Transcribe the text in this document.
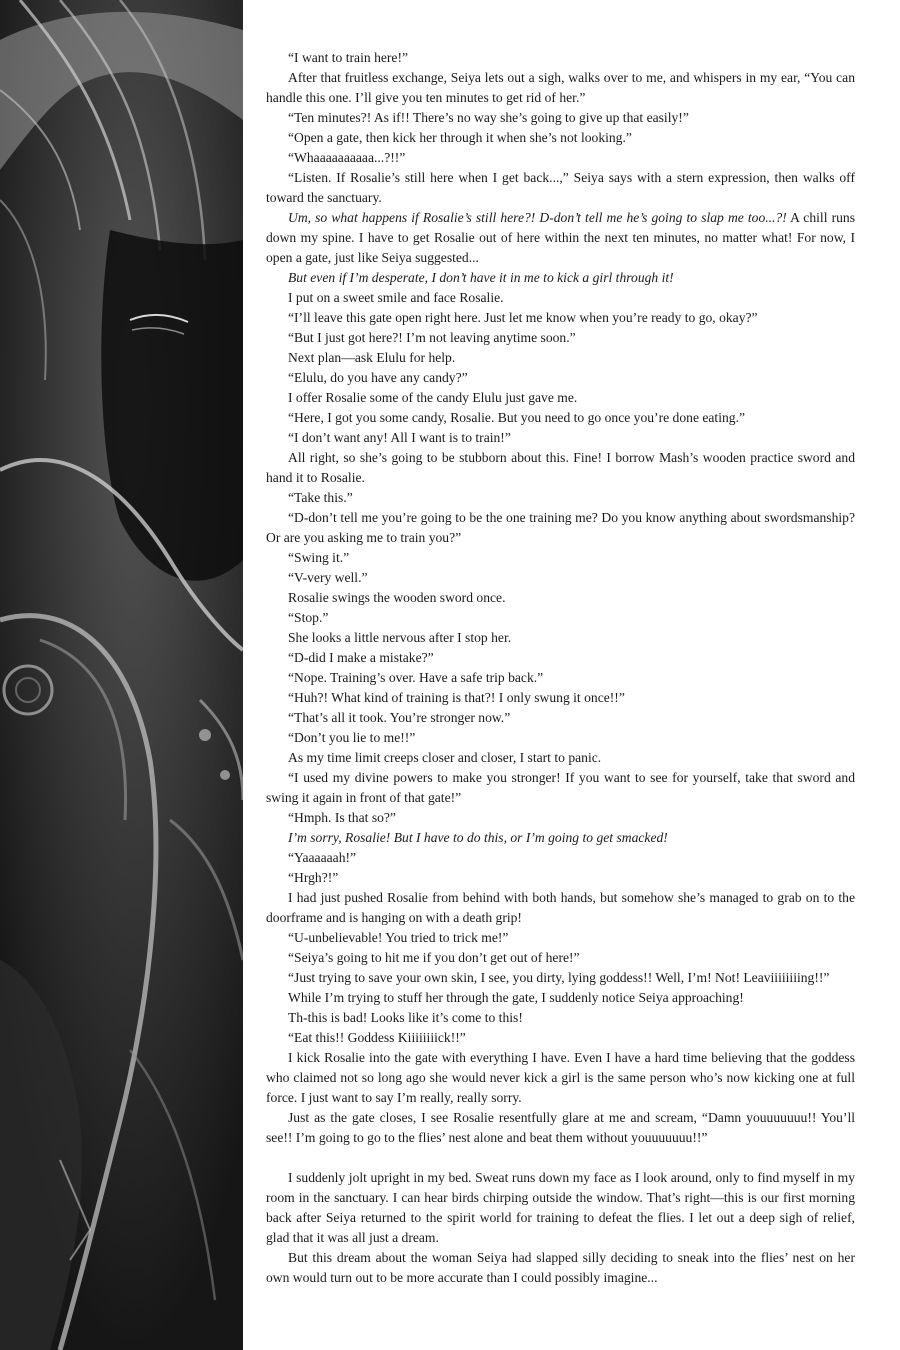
“I want to train here!”

After that fruitless exchange, Seiya lets out a sigh, walks over to me, and whispers in my ear, “You can handle this one. I’ll give you ten minutes to get rid of her.”

“Ten minutes?! As if!! There’s no way she’s going to give up that easily!”

“Open a gate, then kick her through it when she’s not looking.”

“Whaaaaaaaaaa...?!!”

“Listen. If Rosalie’s still here when I get back...,” Seiya says with a stern expression, then walks off toward the sanctuary.

Um, so what happens if Rosalie’s still here?! D-don’t tell me he’s going to slap me too...?! A chill runs down my spine. I have to get Rosalie out of here within the next ten minutes, no matter what! For now, I open a gate, just like Seiya suggested...

But even if I’m desperate, I don’t have it in me to kick a girl through it!

I put on a sweet smile and face Rosalie.

“I’ll leave this gate open right here. Just let me know when you’re ready to go, okay?”

“But I just got here?! I’m not leaving anytime soon.”

Next plan—ask Elulu for help.

“Elulu, do you have any candy?”

I offer Rosalie some of the candy Elulu just gave me.

“Here, I got you some candy, Rosalie. But you need to go once you’re done eating.”

“I don’t want any! All I want is to train!”

All right, so she’s going to be stubborn about this. Fine! I borrow Mash’s wooden practice sword and hand it to Rosalie.

“Take this.”

“D-don’t tell me you’re going to be the one training me? Do you know anything about swordsmanship? Or are you asking me to train you?”

“Swing it.”

“V-very well.”

Rosalie swings the wooden sword once.

“Stop.”

She looks a little nervous after I stop her.

“D-did I make a mistake?”

“Nope. Training’s over. Have a safe trip back.”

“Huh?! What kind of training is that?! I only swung it once!!”

“That’s all it took. You’re stronger now.”

“Don’t you lie to me!!”

As my time limit creeps closer and closer, I start to panic.

“I used my divine powers to make you stronger! If you want to see for yourself, take that sword and swing it again in front of that gate!”

“Hmph. Is that so?”

I’m sorry, Rosalie! But I have to do this, or I’m going to get smacked!

“Yaaaaaah!”

“Hrgh?!”

I had just pushed Rosalie from behind with both hands, but somehow she’s managed to grab on to the doorframe and is hanging on with a death grip!

“U-unbelievable! You tried to trick me!”

“Seiya’s going to hit me if you don’t get out of here!”

“Just trying to save your own skin, I see, you dirty, lying goddess!! Well, I’m! Not! Leaviiiiiiiing!!”

While I’m trying to stuff her through the gate, I suddenly notice Seiya approaching!

Th-this is bad! Looks like it’s come to this!

“Eat this!! Goddess Kiiiiiiiick!!”

I kick Rosalie into the gate with everything I have. Even I have a hard time believing that the goddess who claimed not so long ago she would never kick a girl is the same person who’s now kicking one at full force. I just want to say I’m really, really sorry.

Just as the gate closes, I see Rosalie resentfully glare at me and scream, “Damn youuuuuuu!! You’ll see!! I’m going to go to the flies’ nest alone and beat them without youuuuuuu!!”

I suddenly jolt upright in my bed. Sweat runs down my face as I look around, only to find myself in my room in the sanctuary. I can hear birds chirping outside the window. That’s right—this is our first morning back after Seiya returned to the spirit world for training to defeat the flies. I let out a deep sigh of relief, glad that it was all just a dream.

But this dream about the woman Seiya had slapped silly deciding to sneak into the flies’ nest on her own would turn out to be more accurate than I could possibly imagine...
